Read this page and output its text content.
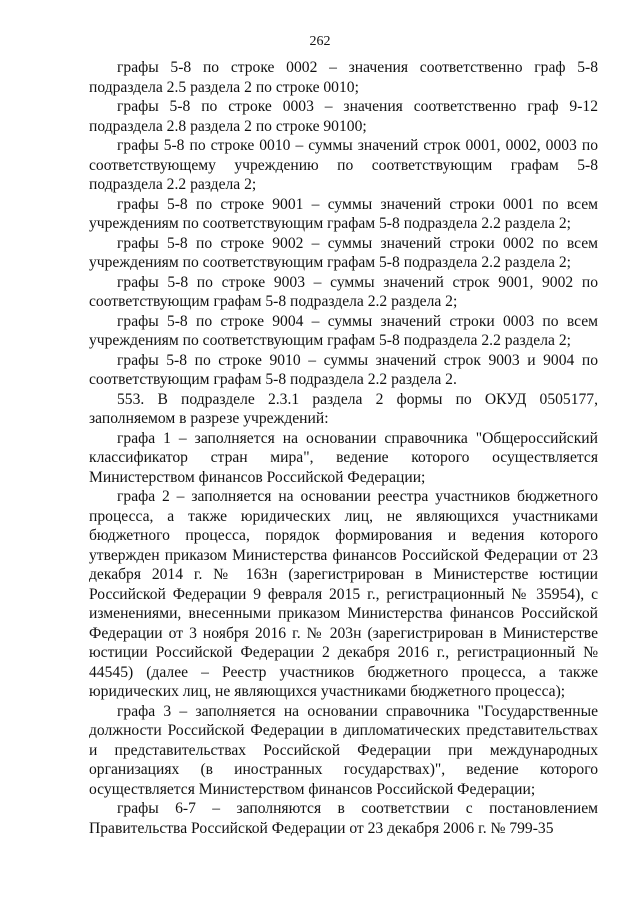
262

графы 5-8 по строке 0002 – значения соответственно граф 5-8 подраздела 2.5 раздела 2 по строке 0010;

графы 5-8 по строке 0003 – значения соответственно граф 9-12 подраздела 2.8 раздела 2 по строке 90100;

графы 5-8 по строке 0010 – суммы значений строк 0001, 0002, 0003 по соответствующему учреждению по соответствующим графам 5-8 подраздела 2.2 раздела 2;

графы 5-8 по строке 9001 – суммы значений строки 0001 по всем учреждениям по соответствующим графам 5-8 подраздела 2.2 раздела 2;

графы 5-8 по строке 9002 – суммы значений строки 0002 по всем учреждениям по соответствующим графам 5-8 подраздела 2.2 раздела 2;

графы 5-8 по строке 9003 – суммы значений строк 9001, 9002 по соответствующим графам 5-8 подраздела 2.2 раздела 2;

графы 5-8 по строке 9004 – суммы значений строки 0003 по всем учреждениям по соответствующим графам 5-8 подраздела 2.2 раздела 2;

графы 5-8 по строке 9010 – суммы значений строк 9003 и 9004 по соответствующим графам 5-8 подраздела 2.2 раздела 2.

553. В подразделе 2.3.1 раздела 2 формы по ОКУД 0505177, заполняемом в разрезе учреждений:

графа 1 – заполняется на основании справочника "Общероссийский классификатор стран мира", ведение которого осуществляется Министерством финансов Российской Федерации;

графа 2 – заполняется на основании реестра участников бюджетного процесса, а также юридических лиц, не являющихся участниками бюджетного процесса, порядок формирования и ведения которого утвержден приказом Министерства финансов Российской Федерации от 23 декабря 2014 г. № 163н (зарегистрирован в Министерстве юстиции Российской Федерации 9 февраля 2015 г., регистрационный № 35954), с изменениями, внесенными приказом Министерства финансов Российской Федерации от 3 ноября 2016 г. № 203н (зарегистрирован в Министерстве юстиции Российской Федерации 2 декабря 2016 г., регистрационный № 44545) (далее – Реестр участников бюджетного процесса, а также юридических лиц, не являющихся участниками бюджетного процесса);

графа 3 – заполняется на основании справочника "Государственные должности Российской Федерации в дипломатических представительствах и представительствах Российской Федерации при международных организациях (в иностранных государствах)", ведение которого осуществляется Министерством финансов Российской Федерации;

графы 6-7 – заполняются в соответствии с постановлением Правительства Российской Федерации от 23 декабря 2006 г. № 799-35
